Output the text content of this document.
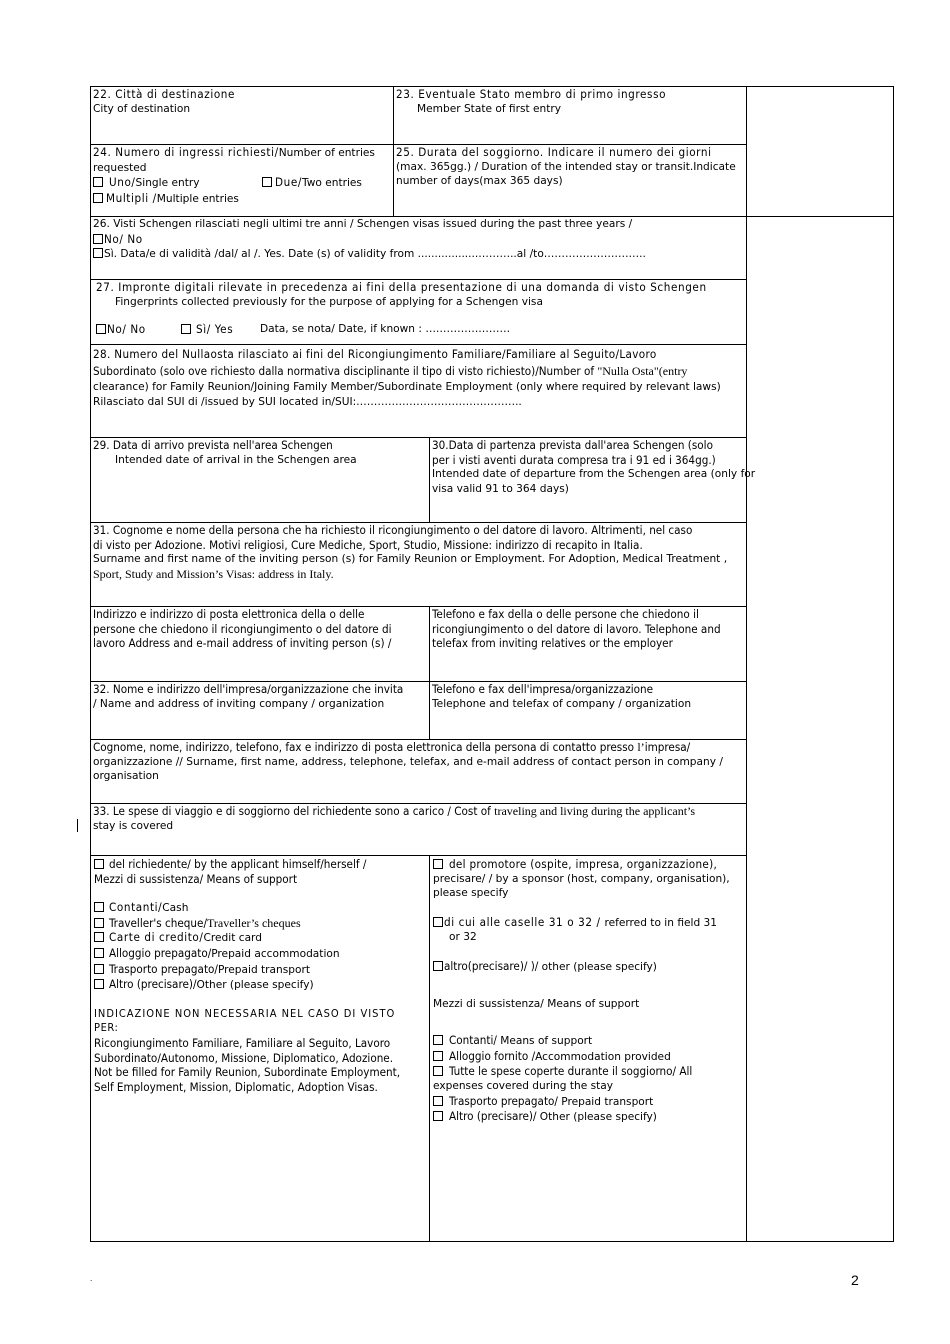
22. Città di destinazione
City of destination
23. Eventuale Stato membro di primo ingresso
Member State of first entry
24. Numero di ingressi richiesti/Number of entries
requested
Uno/Single entry	Due/Two entries
Multipli /Multiple entries
25. Durata del soggiorno. Indicare il numero dei giorni
(max. 365gg.) / Duration of the intended stay or transit.Indicate
number of days(max 365 days)
26. Visti Schengen rilasciati negli ultimi tre anni / Schengen visas issued during the past three years /
No/ No
Sì. Data/e di validità /dal/ al /. Yes. Date (s) of validity from ..................………..al /to………………………..
27. Impronte digitali rilevate in precedenza ai fini della presentazione di una domanda di visto Schengen
Fingerprints collected previously for the purpose of applying for a Schengen visa
No/ No	Sì/ Yes	Data, se nota/ Date, if known : ……………………
28. Numero del Nullaosta rilasciato ai fini del Ricongiungimento Familiare/Familiare al Seguito/Lavoro
Subordinato (solo ove richiesto dalla normativa disciplinante il tipo di visto richiesto)/Number of "Nulla Osta"(entry
clearance) for Family Reunion/Joining Family Member/Subordinate Employment (only where required by relevant laws)
Rilasciato dal SUI di /issued by SUI located in/SUI:………………………………………..
29. Data di arrivo prevista nell'area Schengen
Intended date of arrival in the Schengen area
30.Data di partenza prevista dall'area Schengen (solo
per i visti aventi durata compresa tra i 91 ed i 364gg.)
Intended date of departure from the Schengen area (only for
visa valid 91 to 364 days)
31. Cognome e nome della persona che ha richiesto il ricongiungimento o del datore di lavoro. Altrimenti, nel caso
di visto per Adozione. Motivi religiosi, Cure Mediche, Sport, Studio, Missione: indirizzo di recapito in Italia.
Surname and first name of the inviting person (s) for Family Reunion or Employment. For Adoption, Medical Treatment ,
Sport, Study and Mission’s Visas: address in Italy.
Indirizzo e indirizzo di posta elettronica della o delle
persone che chiedono il ricongiungimento o del datore di
lavoro Address and e-mail address of inviting person (s) /
Telefono e fax della o delle persone che chiedono il
ricongiungimento o del datore di lavoro. Telephone and
telefax from inviting relatives or the employer
32. Nome e indirizzo dell'impresa/organizzazione che invita
/ Name and address of inviting company / organization
Telefono e fax dell'impresa/organizzazione
Telephone and telefax of company / organization
Cognome, nome, indirizzo, telefono, fax e indirizzo di posta elettronica della persona di contatto presso l’impresa/
organizzazione // Surname, first name, address, telephone, telefax, and e-mail address of contact person in company /
organisation
33. Le spese di viaggio e di soggiorno del richiedente sono a carico / Cost of traveling and living during the applicant’s
stay is covered
del richiedente/ by the applicant himself/herself /
Mezzi di sussistenza/ Means of support
Contanti/Cash
Traveller's cheque/Traveller’s cheques
Carte di credito/Credit card
Alloggio prepagato/Prepaid accommodation
Trasporto prepagato/Prepaid transport
Altro (precisare)/Other (please specify)
INDICAZIONE NON NECESSARIA NEL CASO DI VISTO
PER:
Ricongiungimento Familiare, Familiare al Seguito, Lavoro
Subordinato/Autonomo, Missione, Diplomatico, Adozione.
Not be filled for Family Reunion, Subordinate Employment,
Self Employment, Mission, Diplomatic, Adoption Visas.
del promotore (ospite, impresa, organizzazione),
precisare/ / by a sponsor (host, company, organisation),
please specify
di cui alle caselle 31 o 32 / referred to in field 31
or 32
altro(precisare)/ )/ other (please specify)
Mezzi di sussistenza/ Means of support
Contanti/ Means of support
Alloggio fornito /Accommodation provided
Tutte le spese coperte durante il soggiorno/ All
expenses covered during the stay
Trasporto prepagato/ Prepaid transport
Altro (precisare)/ Other (please specify)
.	2
